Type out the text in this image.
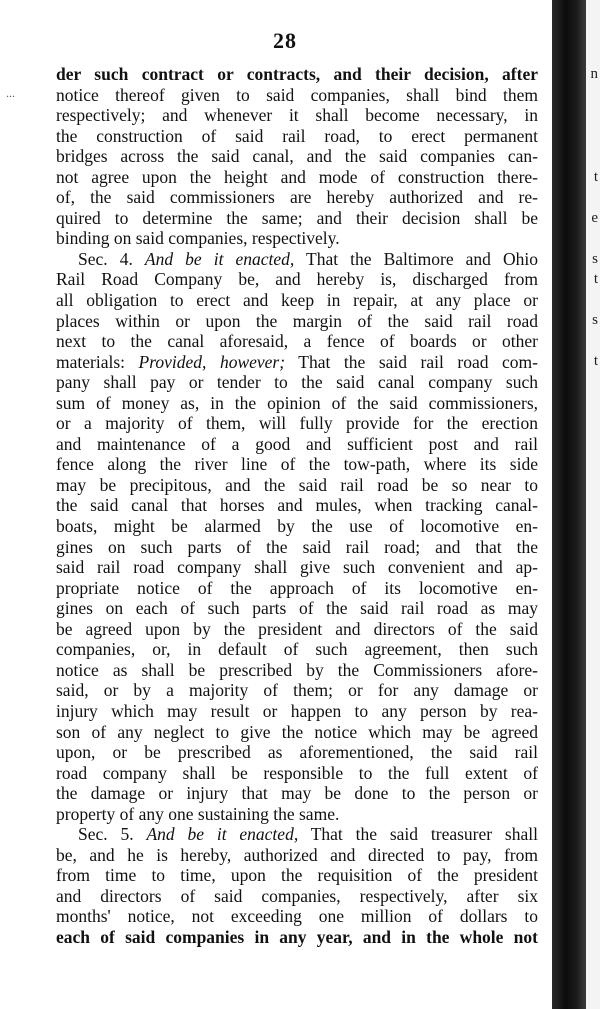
28
...
der such contract or contracts, and their decision, after
notice thereof given to said companies, shall bind them
respectively; and whenever it shall become necessary, in
the construction of said rail road, to erect permanent
bridges across the said canal, and the said companies can-
not agree upon the height and mode of construction there-
of, the said commissioners are hereby authorized and re-
quired to determine the same; and their decision shall be
binding on said companies, respectively.
Sec. 4. And be it enacted, That the Baltimore and Ohio
Rail Road Company be, and hereby is, discharged from
all obligation to erect and keep in repair, at any place or
places within or upon the margin of the said rail road
next to the canal aforesaid, a fence of boards or other
materials: Provided, however; That the said rail road com-
pany shall pay or tender to the said canal company such
sum of money as, in the opinion of the said commissioners,
or a majority of them, will fully provide for the erection
and maintenance of a good and sufficient post and rail
fence along the river line of the tow-path, where its side
may be precipitous, and the said rail road be so near to
the said canal that horses and mules, when tracking canal-
boats, might be alarmed by the use of locomotive en-
gines on such parts of the said rail road; and that the
said rail road company shall give such convenient and ap-
propriate notice of the approach of its locomotive en-
gines on each of such parts of the said rail road as may
be agreed upon by the president and directors of the said
companies, or, in default of such agreement, then such
notice as shall be prescribed by the Commissioners afore-
said, or by a majority of them; or for any damage or
injury which may result or happen to any person by rea-
son of any neglect to give the notice which may be agreed
upon, or be prescribed as aforementioned, the said rail
road company shall be responsible to the full extent of
the damage or injury that may be done to the person or
property of any one sustaining the same.
Sec. 5. And be it enacted, That the said treasurer shall
be, and he is hereby, authorized and directed to pay, from
from time to time, upon the requisition of the president
and directors of said companies, respectively, after six
months' notice, not exceeding one million of dollars to
each of said companies in any year, and in the whole not
n
t
e
s
t
s
t
